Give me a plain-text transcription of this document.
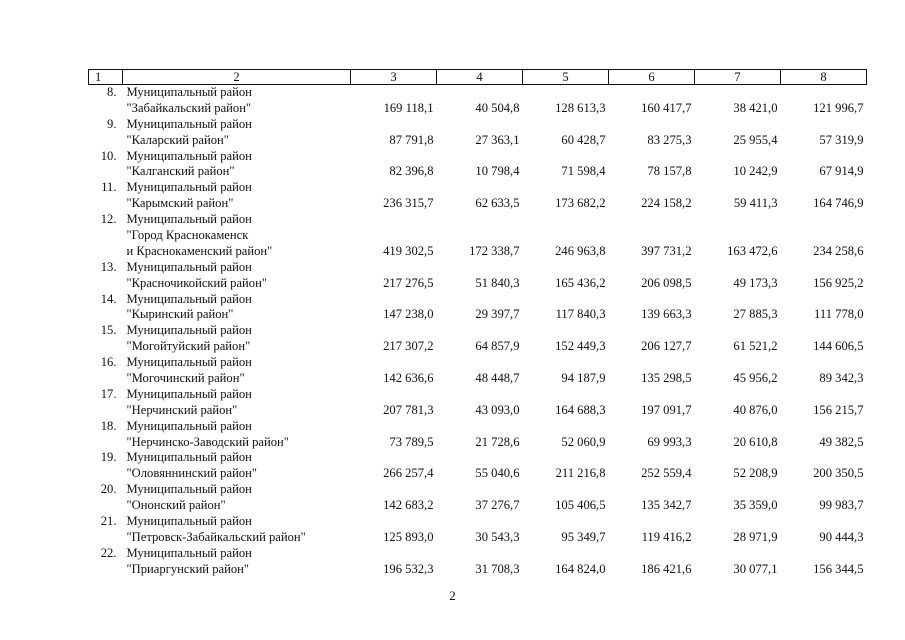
1	2	3	4	5	6	7	8
8.	Муниципальный район
"Забайкальский район"	169 118,1	40 504,8	128 613,3	160 417,7	38 421,0	121 996,7
9.	Муниципальный район
"Каларский район"	87 791,8	27 363,1	60 428,7	83 275,3	25 955,4	57 319,9
10.	Муниципальный район
"Калганский район"	82 396,8	10 798,4	71 598,4	78 157,8	10 242,9	67 914,9
11.	Муниципальный район
"Карымский район"	236 315,7	62 633,5	173 682,2	224 158,2	59 411,3	164 746,9
12.	Муниципальный район
"Город Краснокаменск
и Краснокаменский район"	419 302,5	172 338,7	246 963,8	397 731,2	163 472,6	234 258,6
13.	Муниципальный район
"Красночикойский район"	217 276,5	51 840,3	165 436,2	206 098,5	49 173,3	156 925,2
14.	Муниципальный район
"Кыринский район"	147 238,0	29 397,7	117 840,3	139 663,3	27 885,3	111 778,0
15.	Муниципальный район
"Могойтуйский район"	217 307,2	64 857,9	152 449,3	206 127,7	61 521,2	144 606,5
16.	Муниципальный район
"Могочинский район"	142 636,6	48 448,7	94 187,9	135 298,5	45 956,2	89 342,3
17.	Муниципальный район
"Нерчинский район"	207 781,3	43 093,0	164 688,3	197 091,7	40 876,0	156 215,7
18.	Муниципальный район
"Нерчинско-Заводский район"	73 789,5	21 728,6	52 060,9	69 993,3	20 610,8	49 382,5
19.	Муниципальный район
"Оловяннинский район"	266 257,4	55 040,6	211 216,8	252 559,4	52 208,9	200 350,5
20.	Муниципальный район
"Ононский район"	142 683,2	37 276,7	105 406,5	135 342,7	35 359,0	99 983,7
21.	Муниципальный район
"Петровск-Забайкальский район"	125 893,0	30 543,3	95 349,7	119 416,2	28 971,9	90 444,3
22.	Муниципальный район
"Приаргунский район"	196 532,3	31 708,3	164 824,0	186 421,6	30 077,1	156 344,5
2
